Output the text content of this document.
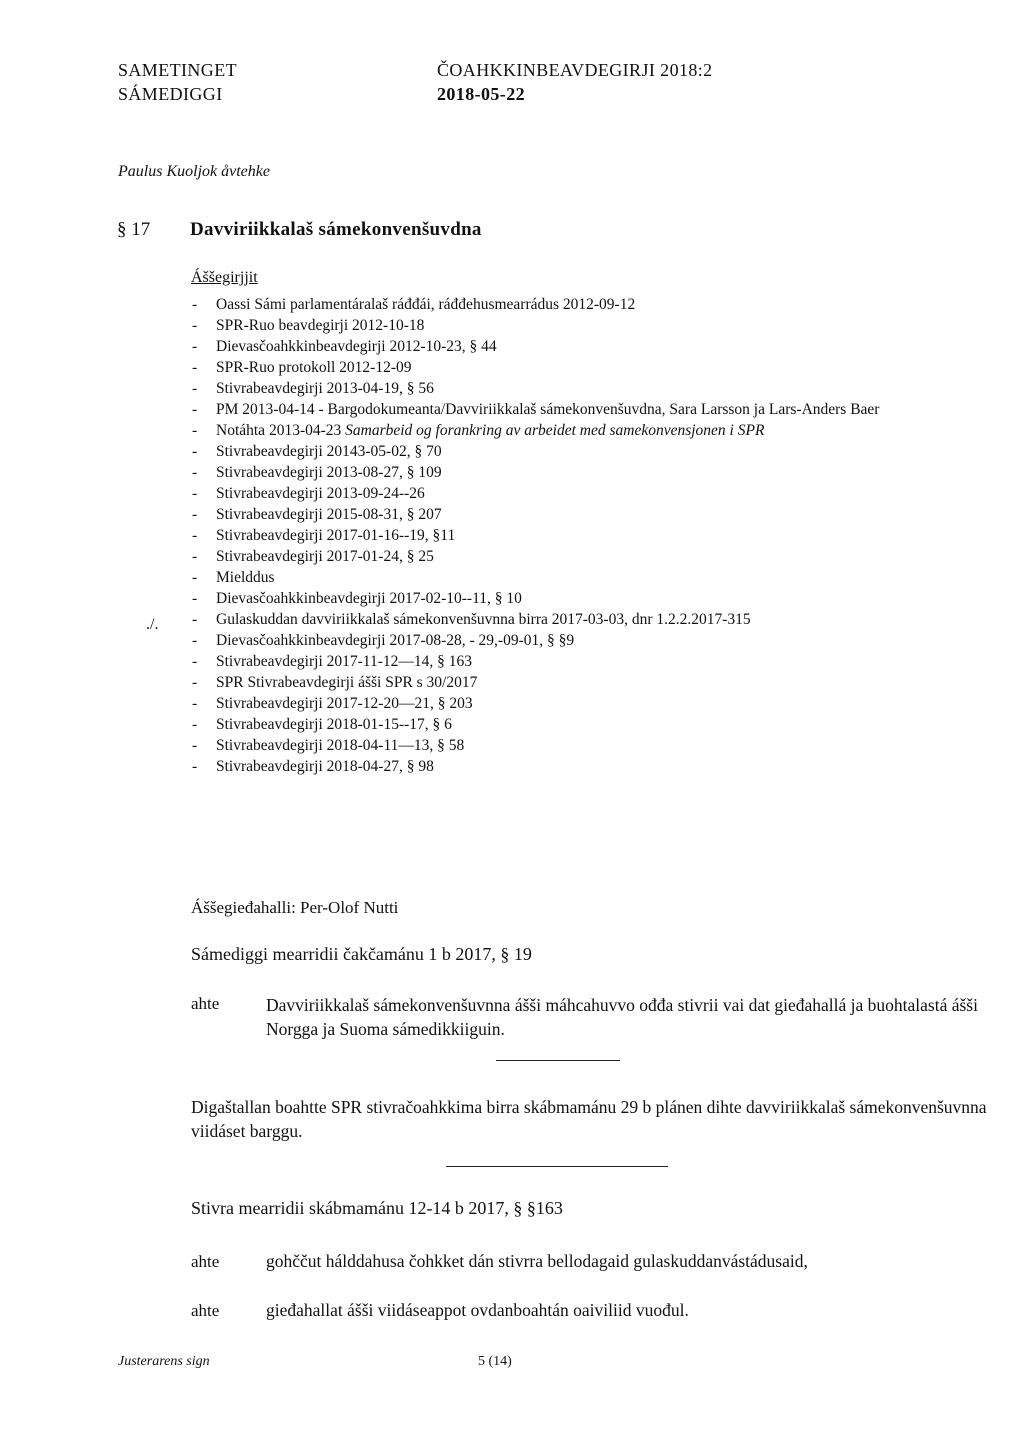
SAMETINGET
SÁMEDIGGI
ČOAHKKINBEAVDEGIRJI 2018:2
2018-05-22
Paulus Kuoljok åvtehke
§ 17 Davviriikkalaš sámekonvenšuvdna
Áššegirjjit
- Oassi Sámi parlamentáralaš ráđđái, ráđđehusmearrádus 2012-09-12
- SPR-Ruo beavdegirji 2012-10-18
- Dievasčoahkkinbeavdegirji 2012-10-23, § 44
- SPR-Ruo protokoll 2012-12-09
- Stivrabeavdegirji 2013-04-19, § 56
- PM 2013-04-14 - Bargodokumeanta/Davviriikkalaš sámekonvenšuvdna, Sara Larsson ja Lars-Anders Baer
- Notáhta 2013-04-23 Samarbeid og forankring av arbeidet med samekonvensjonen i SPR
- Stivrabeavdegirji 20143-05-02, § 70
- Stivrabeavdegirji 2013-08-27, § 109
- Stivrabeavdegirji 2013-09-24--26
- Stivrabeavdegirji 2015-08-31, § 207
- Stivrabeavdegirji 2017-01-16--19, §11
- Stivrabeavdegirji 2017-01-24, § 25
- Mielddus
- Dievasčoahkkinbeavdegirji 2017-02-10--11, § 10
- Gulaskuddan davviriikkalaš sámekonvenšuvnna birra 2017-03-03, dnr 1.2.2.2017-315
- Dievasčoahkkinbeavdegirji 2017-08-28, - 29,-09-01, § §9
- Stivrabeavdegirji 2017-11-12—14, § 163
- SPR Stivrabeavdegirji ášši SPR s 30/2017
- Stivrabeavdegirji 2017-12-20—21, § 203
- Stivrabeavdegirji 2018-01-15--17, § 6
- Stivrabeavdegirji 2018-04-11—13, § 58
- Stivrabeavdegirji 2018-04-27, § 98
./.
Áššegieđahalli: Per-Olof Nutti
Sámediggi mearridii čakčamánu 1 b 2017, § 19
ahte	Davviriikkalaš sámekonvenšuvnna ášši máhcahuvvo ođđa stivrii vai dat gieđahallá ja buohtalastá ášši Norgga ja Suoma sámedikkiiguin.
Digaštallan boahtte SPR stivračoahkkima birra skábmamánu 29 b plánen dihte davviriikkalaš sámekonvenšuvnna viidáset barggu.
Stivra mearridii skábmamánu 12-14 b 2017, § §163
ahte	gohččut hálddahusa čohkket dán stivrra bellodagaid gulaskuddanvástádusaid,
ahte	gieđahallat ášši viidáseappot ovdanboahtán oaiviliid vuođul.
Justerarens sign	5 (14)
